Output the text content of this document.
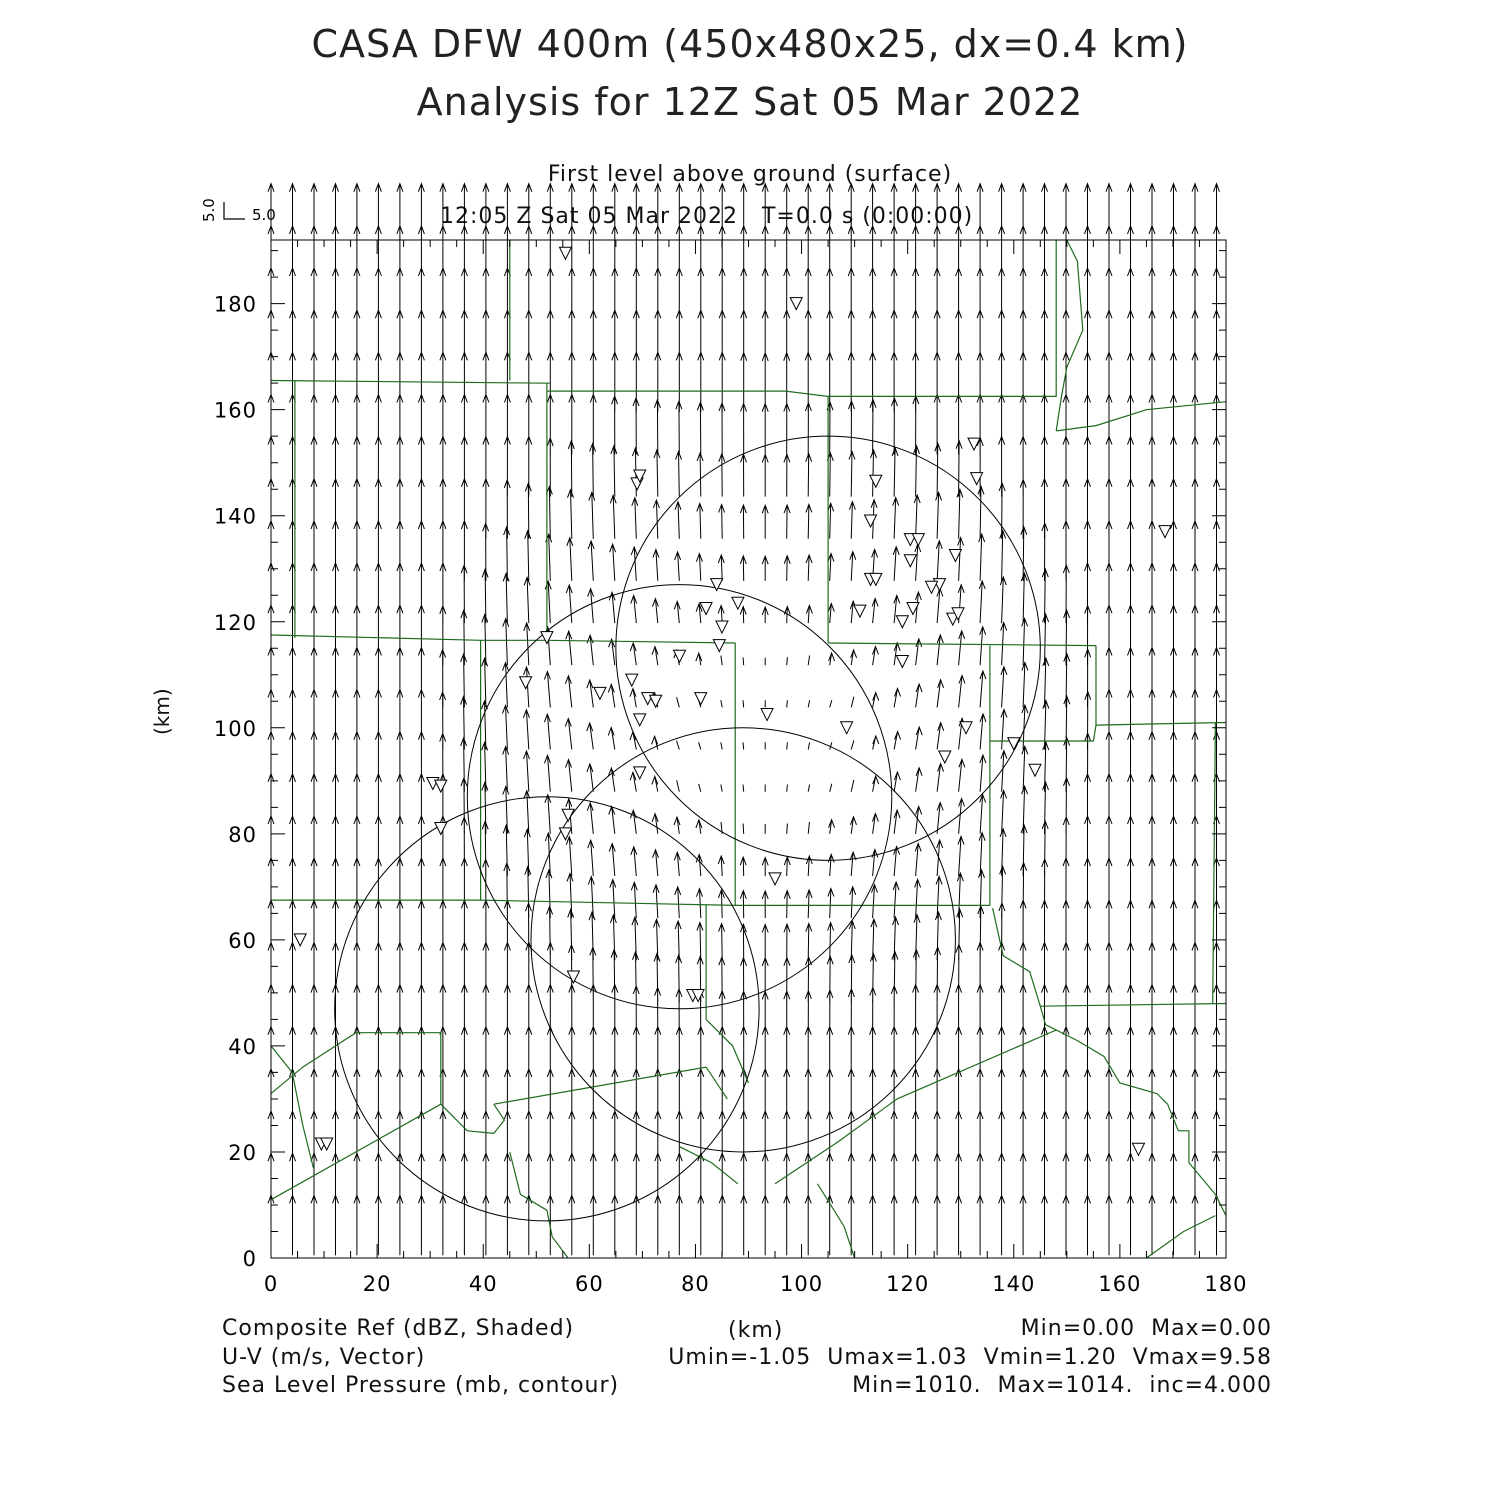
CASA DFW 400m (450x480x25, dx=0.4 km)
Analysis for 12Z Sat 05 Mar 2022
First level above ground (surface)
12:05 Z Sat 05 Mar 2022   T=0.0 s (0:00:00)
(km)
0	20	40	60	80	100	120	140	160	180
0
20
40
60
80
100
120
140
160
180
5.0
5.0
Composite Ref (dBZ, Shaded)
U-V (m/s, Vector)
Sea Level Pressure (mb, contour)
(km)	Min=0.00  Max=0.00
Umin=-1.05  Umax=1.03  Vmin=1.20  Vmax=9.58
Min=1010.  Max=1014.  inc=4.000
